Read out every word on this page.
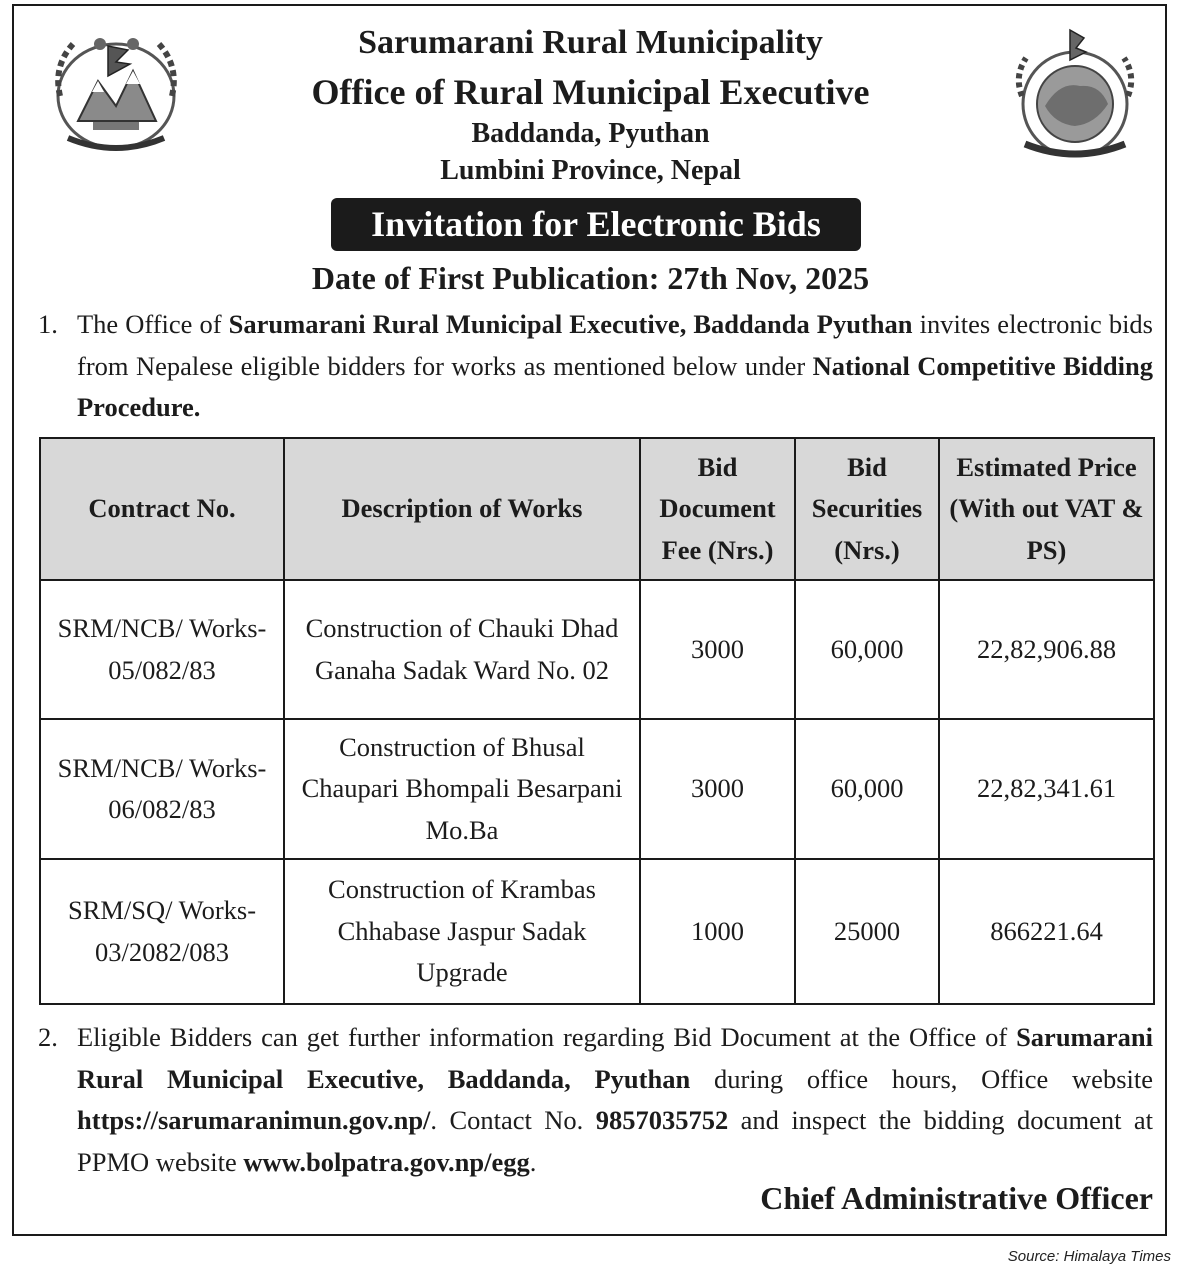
Sarumarani Rural Municipality
Office of Rural Municipal Executive
Baddanda, Pyuthan
Lumbini Province, Nepal
Invitation for Electronic Bids
Date of First Publication: 27th Nov, 2025
1. The Office of Sarumarani Rural Municipal Executive, Baddanda Pyuthan invites electronic bids from Nepalese eligible bidders for works as mentioned below under National Competitive Bidding Procedure.

Contract No.	Description of Works	Bid Document Fee (Nrs.)	Bid Securities (Nrs.)	Estimated Price (With out VAT & PS)
SRM/NCB/ Works-05/082/83	Construction of Chauki Dhad Ganaha Sadak Ward No. 02	3000	60,000	22,82,906.88
SRM/NCB/ Works-06/082/83	Construction of Bhusal Chaupari Bhompali Besarpani Mo.Ba	3000	60,000	22,82,341.61
SRM/SQ/ Works-03/2082/083	Construction of Krambas Chhabase Jaspur Sadak Upgrade	1000	25000	866221.64
2. Eligible Bidders can get further information regarding Bid Document at the Office of Sarumarani Rural Municipal Executive, Baddanda, Pyuthan during office hours, Office website https://sarumaranimun.gov.np/. Contact No. 9857035752 and inspect the bidding document at PPMO website www.bolpatra.gov.np/egg.

Chief Administrative Officer
Source: Himalaya Times
